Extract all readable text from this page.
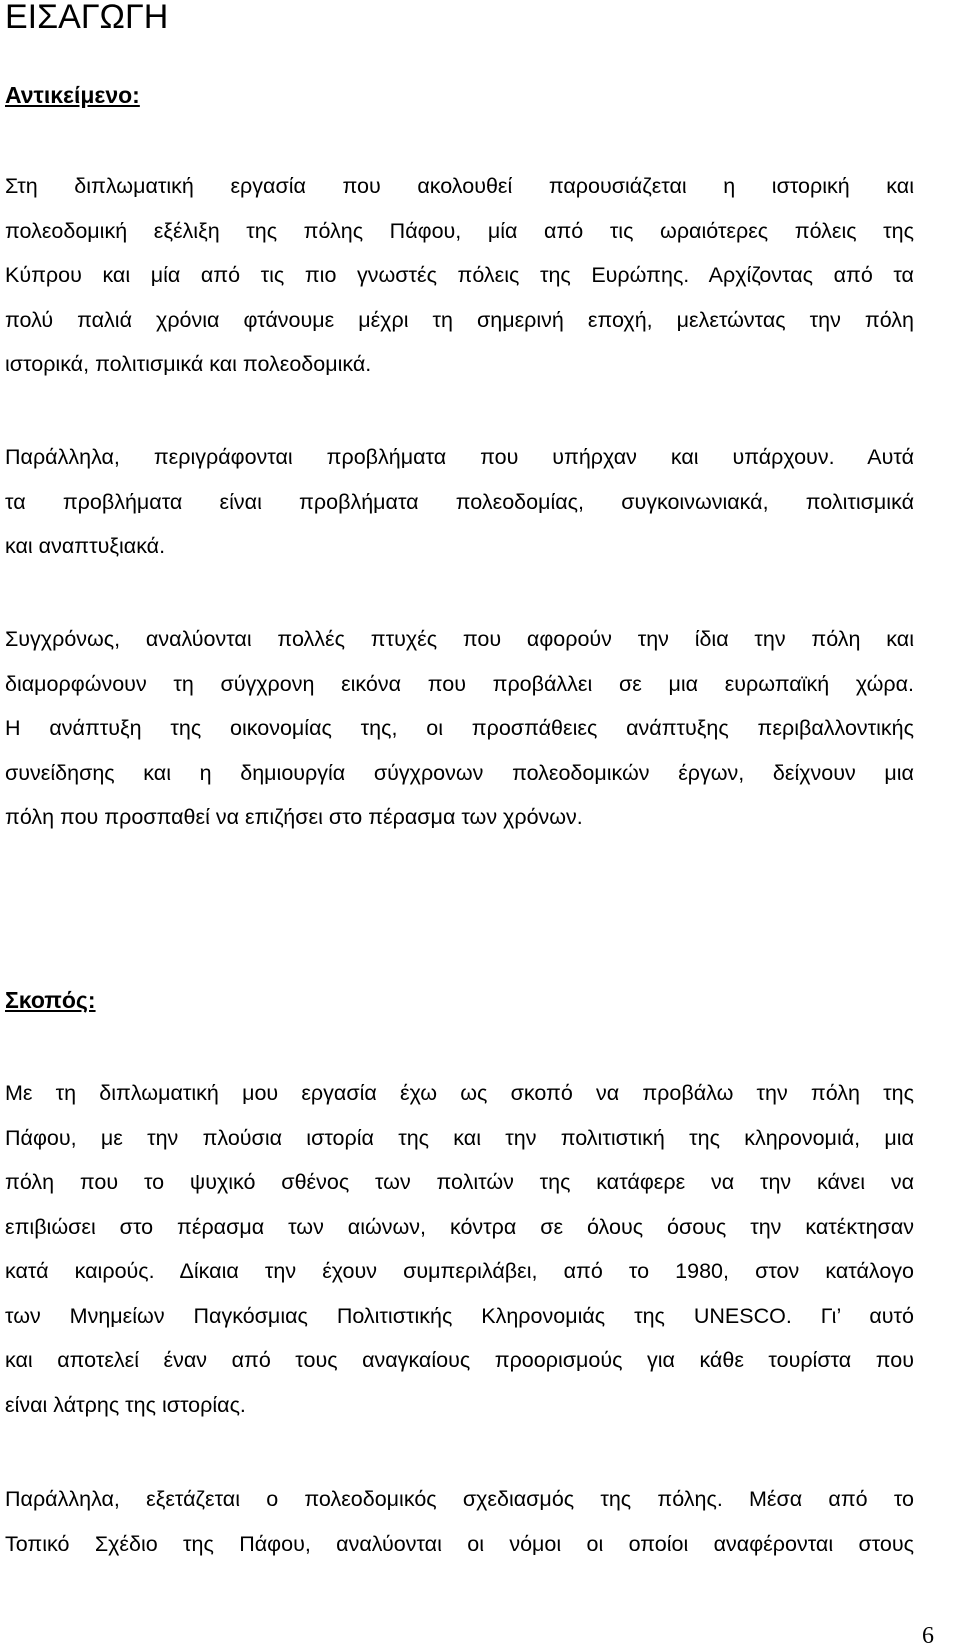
ΕΙΣΑΓΩΓΗ
Αντικείμενο:
Στη διπλωματική εργασία που ακολουθεί παρουσιάζεται η ιστορική και
πολεοδομική εξέλιξη της πόλης Πάφου, μία από τις ωραιότερες πόλεις της
Κύπρου και μία από τις πιο γνωστές πόλεις της Ευρώπης. Αρχίζοντας από τα
πολύ παλιά χρόνια φτάνουμε μέχρι τη σημερινή εποχή, μελετώντας την πόλη
ιστορικά, πολιτισμικά και πολεοδομικά.
Παράλληλα, περιγράφονται προβλήματα που υπήρχαν και υπάρχουν. Αυτά
τα προβλήματα είναι προβλήματα πολεοδομίας, συγκοινωνιακά, πολιτισμικά
και αναπτυξιακά.
Συγχρόνως, αναλύονται πολλές πτυχές που αφορούν την ίδια την πόλη και
διαμορφώνουν τη σύγχρονη εικόνα που προβάλλει σε μια ευρωπαϊκή χώρα.
Η ανάπτυξη της οικονομίας της, οι προσπάθειες ανάπτυξης περιβαλλοντικής
συνείδησης και η δημιουργία σύγχρονων πολεοδομικών έργων, δείχνουν μια
πόλη που προσπαθεί να επιζήσει στο πέρασμα των χρόνων.
Σκοπός:
Με τη διπλωματική μου εργασία έχω ως σκοπό να προβάλω την πόλη της
Πάφου, με την πλούσια ιστορία της και την πολιτιστική της κληρονομιά, μια
πόλη που το ψυχικό σθένος των πολιτών της κατάφερε να την κάνει να
επιβιώσει στο πέρασμα των αιώνων, κόντρα σε όλους όσους την κατέκτησαν
κατά καιρούς. Δίκαια την έχουν συμπεριλάβει, από το 1980, στον κατάλογο
των Μνημείων Παγκόσμιας Πολιτιστικής Κληρονομιάς της UNESCO. Γι’ αυτό
και αποτελεί έναν από τους αναγκαίους προορισμούς για κάθε τουρίστα που
είναι λάτρης της ιστορίας.
Παράλληλα, εξετάζεται ο πολεοδομικός σχεδιασμός της πόλης. Μέσα από το
Τοπικό Σχέδιο της Πάφου, αναλύονται οι νόμοι οι οποίοι αναφέρονται στους
6
